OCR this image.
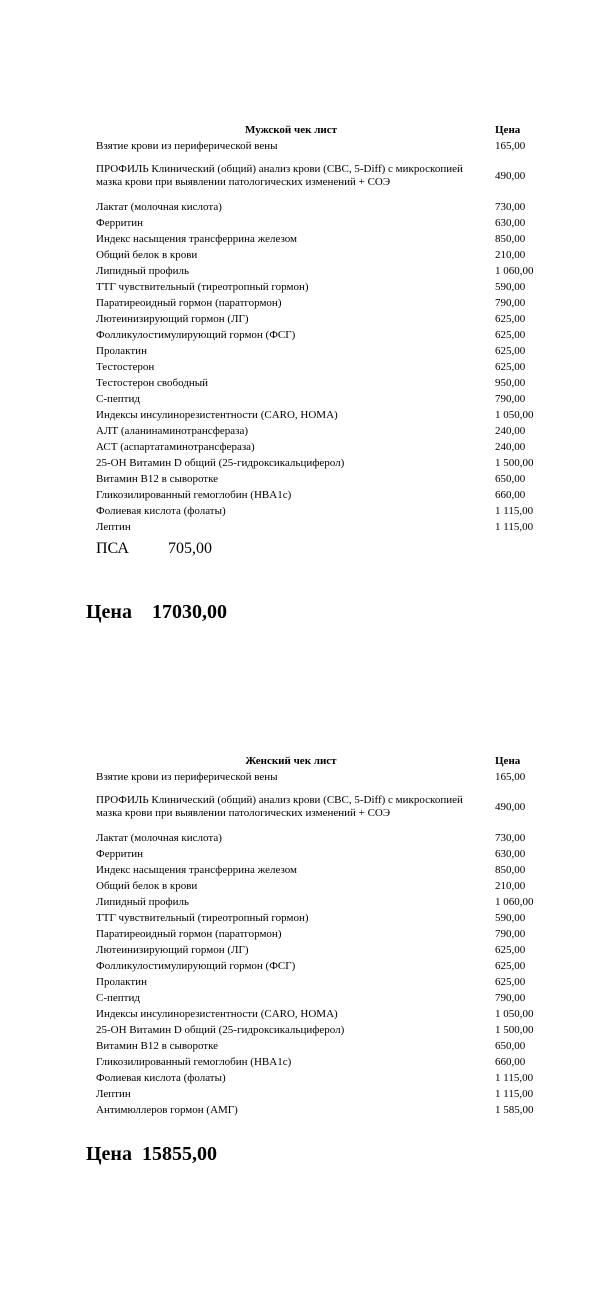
Мужской чек лист	Цена
Взятие крови из периферической вены	165,00
ПРОФИЛЬ Клинический (общий) анализ крови (CBC, 5-Diff) с микроскопией мазка крови при выявлении патологических изменений + СОЭ
490,00
Лактат (молочная кислота)	730,00
Ферритин	630,00
Индекс насыщения трансферрина железом	850,00
Общий белок в крови	210,00
Липидный профиль	1 060,00
ТТГ чувствительный (тиреотропный гормон)	590,00
Паратиреоидный гормон (паратгормон)	790,00
Лютеинизирующий гормон (ЛГ)	625,00
Фолликулостимулирующий гормон (ФСГ)	625,00
Пролактин	625,00
Тестостерон	625,00
Тестостерон свободный	950,00
С-пептид	790,00
Индексы инсулинорезистентности (CARO, HOMA)	1 050,00
АЛТ (аланинаминотрансфераза)	240,00
АСТ (аспартатаминотрансфераза)	240,00
25-OH Витамин D общий (25-гидроксикальциферол)	1 500,00
Витамин B12 в сыворотке	650,00
Гликозилированный гемоглобин (HBA1c)	660,00
Фолиевая кислота (фолаты)	1 115,00
Лептин	1 115,00
ПСА 705,00
Цена    17030,00
Женский чек лист	Цена
Взятие крови из периферической вены	165,00
ПРОФИЛЬ Клинический (общий) анализ крови (CBC, 5-Diff) с микроскопией мазка крови при выявлении патологических изменений + СОЭ
490,00
Лактат (молочная кислота)	730,00
Ферритин	630,00
Индекс насыщения трансферрина железом	850,00
Общий белок в крови	210,00
Липидный профиль	1 060,00
ТТГ чувствительный (тиреотропный гормон)	590,00
Паратиреоидный гормон (паратгормон)	790,00
Лютеинизирующий гормон (ЛГ)	625,00
Фолликулостимулирующий гормон (ФСГ)	625,00
Пролактин	625,00
С-пептид	790,00
Индексы инсулинорезистентности (CARO, HOMA)	1 050,00
25-OH Витамин D общий (25-гидроксикальциферол)	1 500,00
Витамин B12 в сыворотке	650,00
Гликозилированный гемоглобин (HBA1c)	660,00
Фолиевая кислота (фолаты)	1 115,00
Лептин	1 115,00
Антимюллеров гормон (АМГ)	1 585,00
Цена  15855,00
